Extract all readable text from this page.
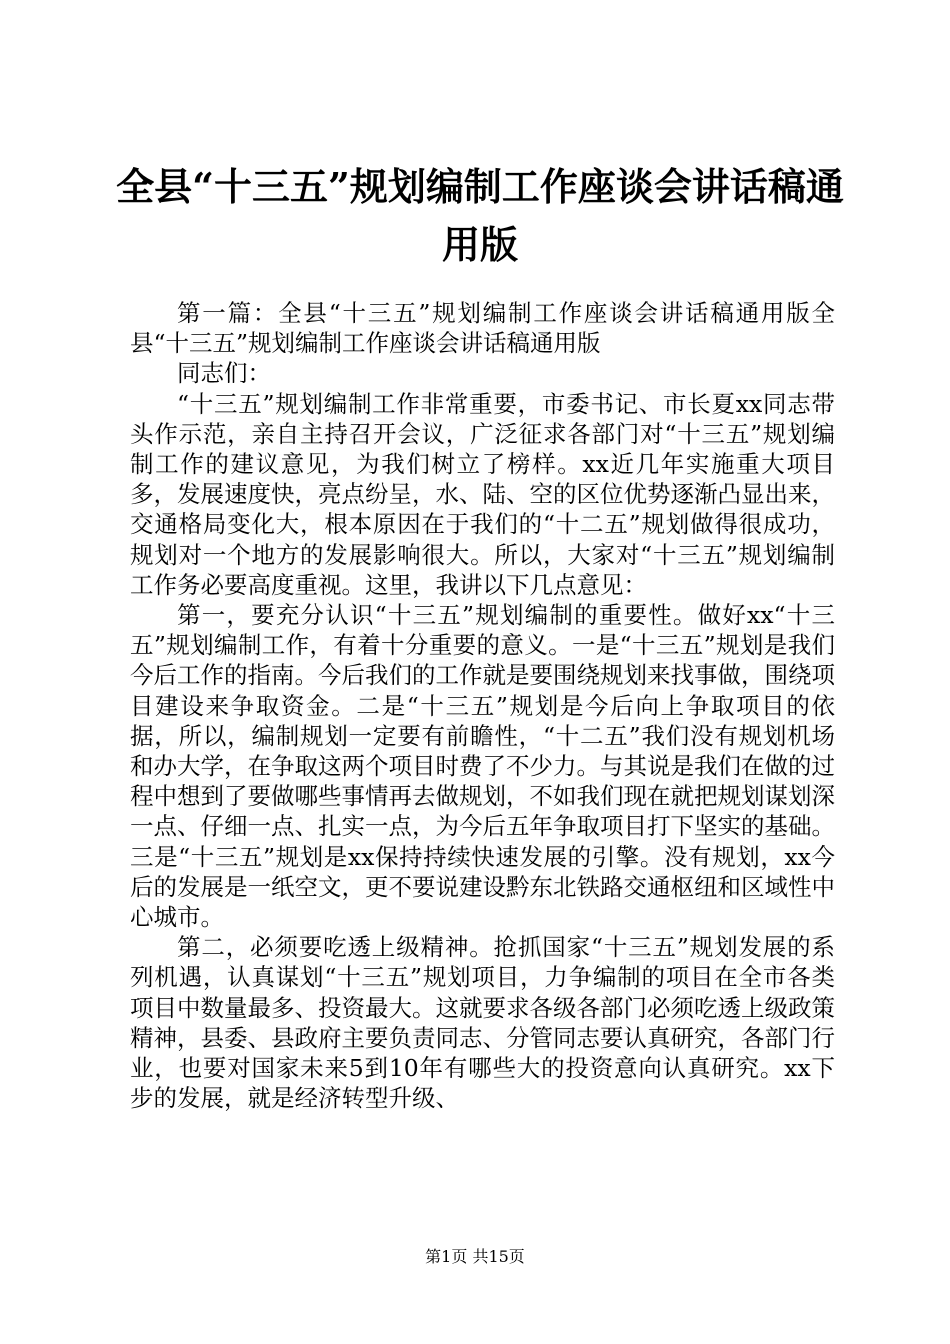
全县“十三五”规划编制工作座谈会讲话稿通用版

第一篇：全县“十三五”规划编制工作座谈会讲话稿通用版全县“十三五”规划编制工作座谈会讲话稿通用版

同志们：

“十三五”规划编制工作非常重要，市委书记、市长夏xx同志带头作示范，亲自主持召开会议，广泛征求各部门对“十三五”规划编制工作的建议意见，为我们树立了榜样。xx近几年实施重大项目多，发展速度快，亮点纷呈，水、陆、空的区位优势逐渐凸显出来，交通格局变化大，根本原因在于我们的“十二五”规划做得很成功，规划对一个地方的发展影响很大。所以，大家对“十三五”规划编制工作务必要高度重视。这里，我讲以下几点意见：

第一，要充分认识“十三五”规划编制的重要性。做好xx“十三五”规划编制工作，有着十分重要的意义。一是“十三五”规划是我们今后工作的指南。今后我们的工作就是要围绕规划来找事做，围绕项目建设来争取资金。二是“十三五”规划是今后向上争取项目的依据，所以，编制规划一定要有前瞻性，“十二五”我们没有规划机场和办大学，在争取这两个项目时费了不少力。与其说是我们在做的过程中想到了要做哪些事情再去做规划，不如我们现在就把规划谋划深一点、仔细一点、扎实一点，为今后五年争取项目打下坚实的基础。三是“十三五”规划是xx保持持续快速发展的引擎。没有规划，xx今后的发展是一纸空文，更不要说建设黔东北铁路交通枢纽和区域性中心城市。

第二，必须要吃透上级精神。抢抓国家“十三五”规划发展的系列机遇，认真谋划“十三五”规划项目，力争编制的项目在全市各类项目中数量最多、投资最大。这就要求各级各部门必须吃透上级政策精神，县委、县政府主要负责同志、分管同志要认真研究，各部门行业，也要对国家未来5到10年有哪些大的投资意向认真研究。xx下步的发展，就是经济转型升级、

第1页 共15页
